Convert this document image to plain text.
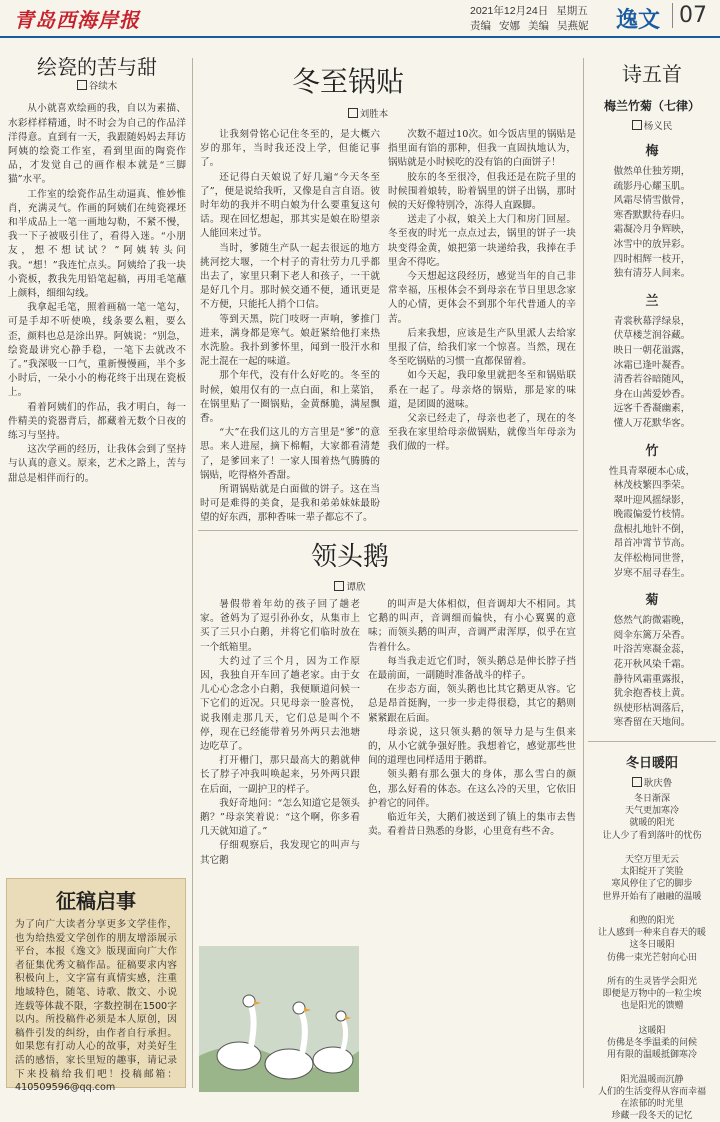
青岛西海岸报	2021年12月24日 星期五
责编 安娜 美编 吴燕妮	逸文 07
绘瓷的苦与甜
谷续木

从小就喜欢绘画的我，自以为素描、水彩样样精通，时不时会为自己的作品洋洋得意。直到有一天，我跟随妈妈去拜访阿姨的绘瓷工作室，看到里面的陶瓷作品，才发觉自己的画作根本就是“三脚猫”水平。

工作室的绘瓷作品生动逼真、惟妙惟肖，充满灵气。作画的阿姨们在纯瓷裸坯和半成品上一笔一画地勾勒，不紧不慢，我一下子被吸引住了，看得入迷。“小朋友，想不想试试？”阿姨转头问我。“想！”我连忙点头。阿姨给了我一块小瓷板，教我先用铅笔起稿，再用毛笔蘸上颜料，细细勾线。

我拿起毛笔，照着画稿一笔一笔勾，可是手却不听使唤，线条要么粗，要么歪，颜料也总是涂出界。阿姨说：“别急，绘瓷最讲究心静手稳，一笔下去就改不了。”我深吸一口气，重新慢慢画，半个多小时后，一朵小小的梅花终于出现在瓷板上。

看着阿姨们的作品，我才明白，每一件精美的瓷器背后，都藏着无数个日夜的练习与坚持。

这次学画的经历，让我体会到了坚持与认真的意义。原来，艺术之路上，苦与甜总是相伴而行的。

征稿启事
为了向广大读者分享更多文学佳作，也为给热爱文学创作的朋友增添展示平台，本报《逸文》版现面向广大作者征集优秀文稿作品。征稿要求内容积极向上，文字富有真情实感，注重地域特色，随笔、诗歌、散文、小说连载等体裁不限，字数控制在1500字以内。所投稿件必须是本人原创，因稿件引发的纠纷，由作者自行承担。如果您有打动人心的故事，对美好生活的感悟，家长里短的趣事，请记录下来投稿给我们吧！投稿邮箱：410509596@qq.com
冬至锅贴
刘胜本

让我刻骨铭心记住冬至的，是大概六岁的那年，当时我还没上学，但能记事了。

还记得白天娘说了好几遍“今天冬至了”，便是说给我听，又像是自言自语。彼时年幼的我并不明白娘为什么要重复这句话。现在回忆想起，那其实是娘在盼望亲人能回来过节。

当时，爹随生产队一起去很远的地方挑河挖大堰，一个村子的青壮劳力几乎都出去了，家里只剩下老人和孩子，一干就是好几个月。那时候交通不便，通讯更是不方便，只能托人捎个口信。

等到天黑，院门吱呀一声响，爹推门进来，满身都是寒气。娘赶紧给他打来热水洗脸。我扑到爹怀里，闻到一股汗水和泥土混在一起的味道。

那个年代，没有什么好吃的。冬至的时候，娘用仅有的一点白面，和上菜馅，在锅里贴了一圈锅贴，金黄酥脆，满屋飘香。

“大”在我们这儿的方言里是“爹”的意思。来人进屋，摘下棉帽，大家都看清楚了，是爹回来了！一家人围着热气腾腾的锅贴，吃得格外香甜。

所谓锅贴就是白面做的饼子。这在当时可是难得的美食，是我和弟弟妹妹最盼望的好东西，那种香味一辈子都忘不了。

次数不超过10次。如今饭店里的锅贴是指里面有馅的那种，但我一直固执地认为，锅贴就是小时候吃的没有馅的白面饼子！

胶东的冬至很冷，但我还是在院子里的时候围着娘转，盼着锅里的饼子出锅，那时候的天好像特别冷，冻得人直跺脚。

送走了小叔，娘关上大门和房门回屋。冬至夜的时光一点点过去，锅里的饼子一块块变得金黄，娘把第一块递给我，我捧在手里舍不得吃。

今天想起这段经历，感觉当年的自己非常幸福，压根体会不到母亲在节日里思念家人的心情，更体会不到那个年代普通人的辛苦。

后来我想，应该是生产队里派人去给家里报了信，给我们家一个惊喜。当然，现在冬至吃锅贴的习惯一直都保留着。

如今天起，我印象里就把冬至和锅贴联系在一起了。母亲烙的锅贴，那是家的味道，是团圆的滋味。

父亲已经走了，母亲也老了，现在的冬至我在家里给母亲做锅贴，就像当年母亲为我们做的一样。

领头鹅
谭欣

暑假带着年幼的孩子回了趟老家。爸妈为了逗引孙孙女，从集市上买了三只小白鹅，并将它们临时放在一个纸箱里。

大约过了三个月，因为工作原因，我独自开车回了趟老家。由于女儿心心念念小白鹅，我便顺道问候一下它们的近况。只见母亲一脸喜悦，说我刚走那几天，它们总是叫个不停，现在已经能带着另外两只去池塘边吃草了。

打开栅门，那只最高大的鹅就伸长了脖子冲我叫唤起来，另外两只跟在后面，一副护卫的样子。

我好奇地问：“怎么知道它是领头鹅？”母亲笑着说：“这个啊，你多看几天就知道了。”

仔细观察后，我发现它的叫声与其它鹅

的叫声是大体相似，但音调却大不相同。其它鹅的叫声，音调细而偏快，有小心翼翼的意味；而领头鹅的叫声，音调严肃浑厚，似乎在宣告着什么。

每当我走近它们时，领头鹅总是伸长脖子挡在最前面，一副随时准备战斗的样子。

在步态方面，领头鹅也比其它鹅更从容。它总是昂首挺胸，一步一步走得很稳，其它的鹅则紧紧跟在后面。

母亲说，这只领头鹅的领导力是与生俱来的，从小它就争强好胜。我想着它，感觉那些世间的道理也同样适用于鹅群。

领头鹅有那么强大的身体，那么雪白的颜色，那么好看的体态。在这么冷的天里，它依旧护着它的同伴。

临近年关，大鹅们被送到了镇上的集市去售卖。看着昔日熟悉的身影，心里竟有些不舍。

诗五首
梅兰竹菊（七律）
杨义民
梅
傲然单仕独芳期，
疏影丹心耀玉肌。
风霜尽情雪傲骨，
寒香默默待春归。
霜凝冷月争辉映，
冰雪中的放异彩。
四时相辉一枝开，
独有清芬人间来。
兰
青裳秋幕浮绿泉，
伏草楼芝润谷藏。
映日一朝花溢露，
冰霜已逢叶凝香。
清香若谷暗随风，
身在山茜爱妙香。
远客千香凝幽素，
懂人万花默华客。
竹
性具青翠硬本心成，
林茂枝繁四季荣。
翠叶迎风摇绿影，
晚霞偏爱竹枝情。
盘根扎地针不倒，
昂首冲霄节节高。
友伴松梅同世誉，
岁寒不屈寻春生。
菊
悠然气韵微霜晚，
阅伞东篱万朵香。
叶浴苦寒凝金蕊，
花开秋风染千霜。
静待风霜重露报，
犹余抱香枝上黄。
纵使形枯凋落后，
寒香留在天地间。
冬日暖阳
耿庆鲁
冬日渐深
天气更加寒冷
就暖的阳光
让人少了看到落叶的忧伤

天空万里无云
太阳绽开了笑脸
寒风停住了它的脚步
世界开始有了融融的温暖

和煦的阳光
让人感到一种来自春天的暖
这冬日暖阳
仿佛一束光芒射向心田

所有的生灵皆学会阳光
即便是万物中的一粒尘埃
也是阳光的馈赠

这暖阳
仿佛是冬季温柔的问候
用有限的温暖抵御寒冷

阳光温暖而沉静
人们的生活变得从容而幸福
在浓郁的时光里
珍藏一段冬天的记忆
